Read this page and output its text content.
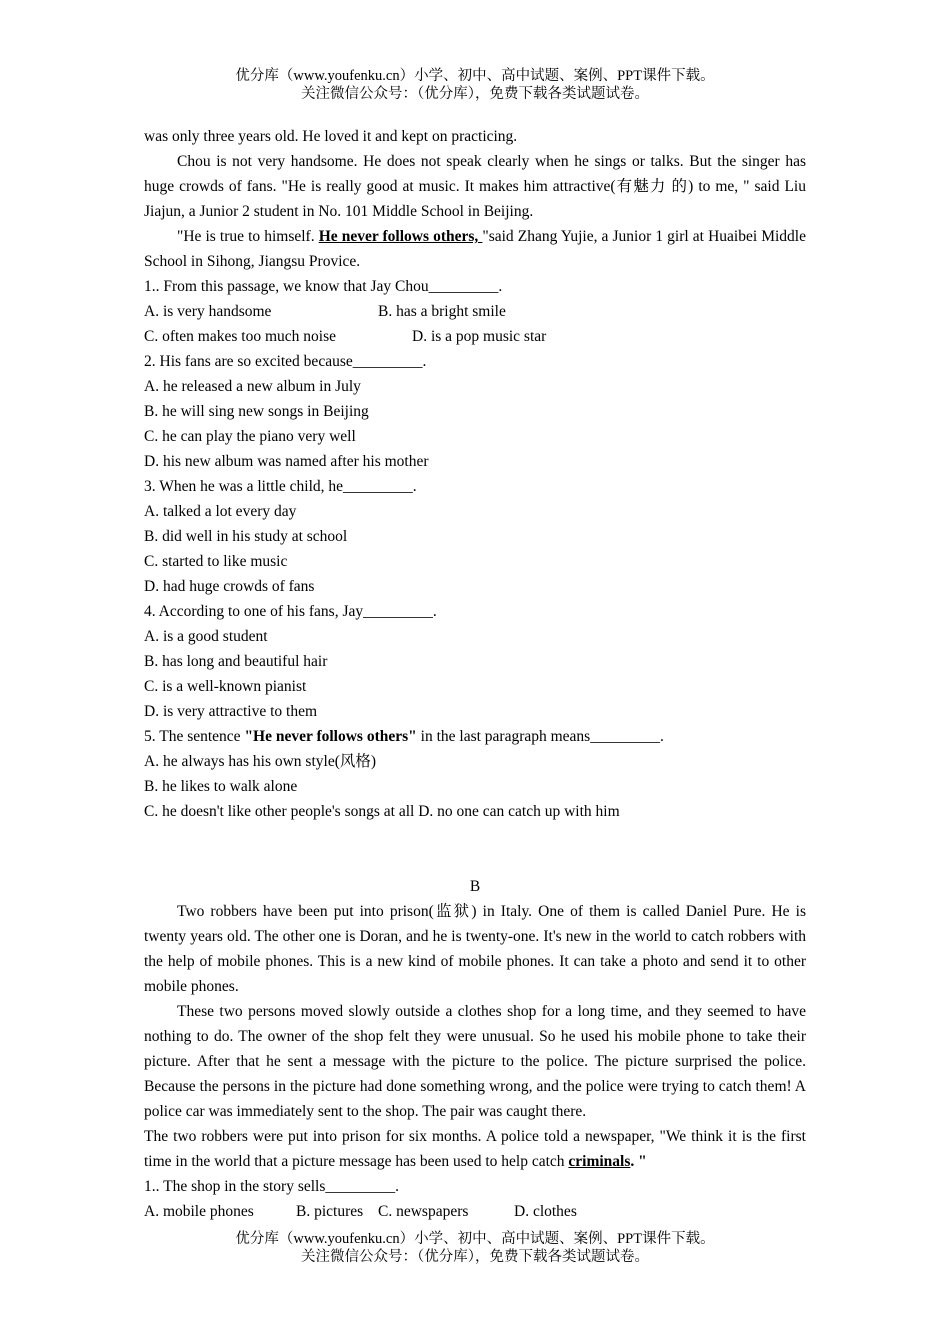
优分库（www.youfenku.cn）小学、初中、高中试题、案例、PPT课件下载。
关注微信公众号：（优分库），免费下载各类试题试卷。

was only three years old. He loved it and kept on practicing.

Chou is not very handsome. He does not speak clearly when he sings or talks. But the singer has huge crowds of fans. "He is really good at music. It makes him attractive(有魅力 的) to me, " said Liu Jiajun, a Junior 2 student in No. 101 Middle School in Beijing.

"He is true to himself. He never follows others, "said Zhang Yujie, a Junior 1 girl at Huaibei Middle School in Sihong, Jiangsu Provice.

1.. From this passage, we know that Jay Chou_________.

A. is very handsome	B. has a bright smile

C. often makes too much noise	D. is a pop music star

2. His fans are so excited because_________.

A. he released a new album in July

B. he will sing new songs in Beijing

C. he can play the piano very well

D. his new album was named after his mother

3. When he was a little child, he_________.

A. talked a lot every day

B. did well in his study at school

C. started to like music

D. had huge crowds of fans

4. According to one of his fans, Jay_________.

A. is a good student

B. has long and beautiful hair

C. is a well-known pianist

D. is very attractive to them

5. The sentence "He never follows others" in the last paragraph means_________.

A. he always has his own style(风格)

B. he likes to walk alone

C. he doesn't like other people's songs at all D. no one can catch up with him

B

Two robbers have been put into prison(监狱) in Italy. One of them is called Daniel Pure. He is twenty years old. The other one is Doran, and he is twenty-one. It's new in the world to catch robbers with the help of mobile phones. This is a new kind of mobile phones. It can take a photo and send it to other mobile phones.

These two persons moved slowly outside a clothes shop for a long time, and they seemed to have nothing to do. The owner of the shop felt they were unusual. So he used his mobile phone to take their picture. After that he sent a message with the picture to the police. The picture surprised the police. Because the persons in the picture had done something wrong, and the police were trying to catch them! A police car was immediately sent to the shop. The pair was caught there.

The two robbers were put into prison for six months. A police told a newspaper, "We think it is the first time in the world that a picture message has been used to help catch criminals. "

1.. The shop in the story sells_________.

A. mobile phones	B. pictures C. newspapers	D. clothes

优分库（www.youfenku.cn）小学、初中、高中试题、案例、PPT课件下载。
关注微信公众号：（优分库），免费下载各类试题试卷。
